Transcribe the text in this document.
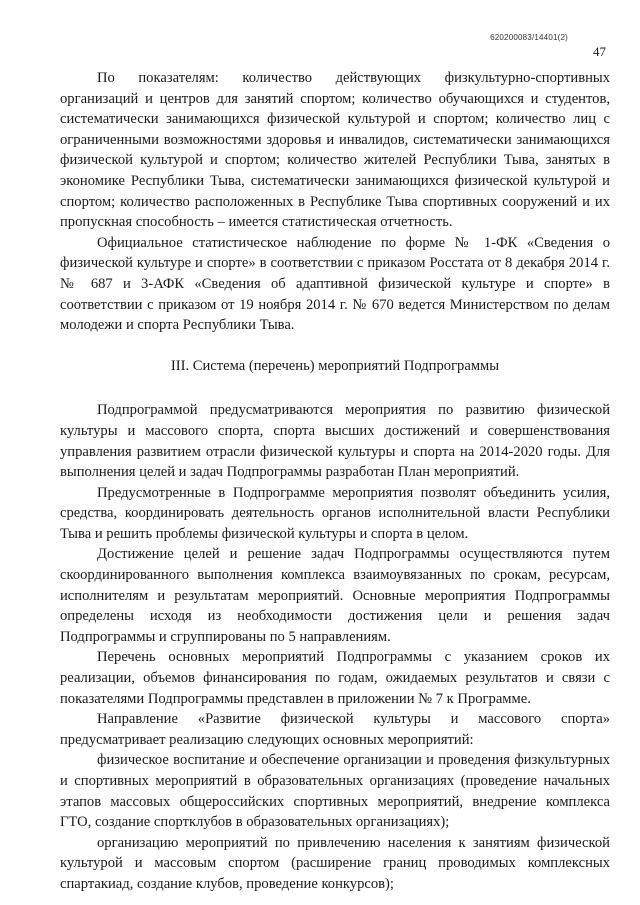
620200083/14401(2)
47

По показателям: количество действующих физкультурно-спортивных организаций и центров для занятий спортом; количество обучающихся и студентов, систематически занимающихся физической культурой и спортом; количество лиц с ограниченными возможностями здоровья и инвалидов, систематически занимающихся физической культурой и спортом; количество жителей Республики Тыва, занятых в экономике Республики Тыва, систематически занимающихся физической культурой и спортом; количество расположенных в Республике Тыва спортивных сооружений и их пропускная способность – имеется статистическая отчетность.

Официальное статистическое наблюдение по форме № 1-ФК «Сведения о физической культуре и спорте» в соответствии с приказом Росстата от 8 декабря 2014 г. № 687 и 3-АФК «Сведения об адаптивной физической культуре и спорте» в соответствии с приказом от 19 ноября 2014 г. № 670 ведется Министерством по делам молодежи и спорта Республики Тыва.

III. Система (перечень) мероприятий Подпрограммы

Подпрограммой предусматриваются мероприятия по развитию физической культуры и массового спорта, спорта высших достижений и совершенствования управления развитием отрасли физической культуры и спорта на 2014-2020 годы. Для выполнения целей и задач Подпрограммы разработан План мероприятий.

Предусмотренные в Подпрограмме мероприятия позволят объединить усилия, средства, координировать деятельность органов исполнительной власти Республики Тыва и решить проблемы физической культуры и спорта в целом.

Достижение целей и решение задач Подпрограммы осуществляются путем скоординированного выполнения комплекса взаимоувязанных по срокам, ресурсам, исполнителям и результатам мероприятий. Основные мероприятия Подпрограммы определены исходя из необходимости достижения цели и решения задач Подпрограммы и сгруппированы по 5 направлениям.

Перечень основных мероприятий Подпрограммы с указанием сроков их реализации, объемов финансирования по годам, ожидаемых результатов и связи с показателями Подпрограммы представлен в приложении № 7 к Программе.

Направление «Развитие физической культуры и массового спорта» предусматривает реализацию следующих основных мероприятий:

физическое воспитание и обеспечение организации и проведения физкультурных и спортивных мероприятий в образовательных организациях (проведение начальных этапов массовых общероссийских спортивных мероприятий, внедрение комплекса ГТО, создание спортклубов в образовательных организациях);

организацию мероприятий по привлечению населения к занятиям физической культурой и массовым спортом (расширение границ проводимых комплексных спартакиад, создание клубов, проведение конкурсов);
